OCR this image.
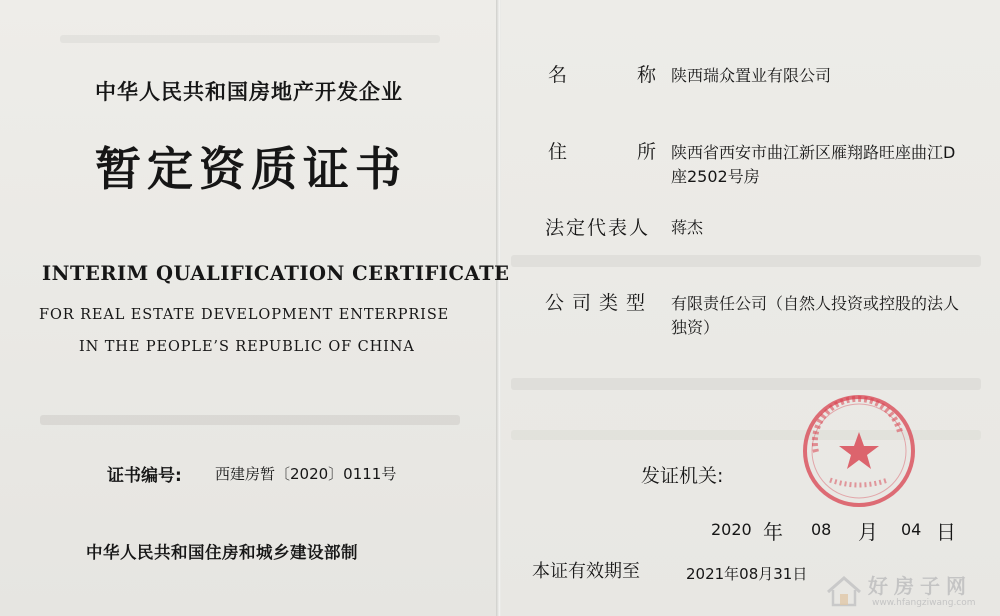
中华人民共和国房地产开发企业
暂定资质证书
INTERIM QUALIFICATION CERTIFICATE
FOR REAL ESTATE DEVELOPMENT ENTERPRISE
IN THE PEOPLE’S REPUBLIC OF CHINA
证书编号: 西建房暂〔2020〕0111号
中华人民共和国住房和城乡建设部制
名	称 陕西瑞众置业有限公司
住	所 陕西省西安市曲江新区雁翔路旺座曲江D
座2502号房
法定代表人 蒋杰
公司类型 有限责任公司（自然人投资或控股的法人
独资）
发证机关:
2020 年 08 月 04 日
本证有效期至	2021年08月31日	好房子网
www.hfangziwang.com
